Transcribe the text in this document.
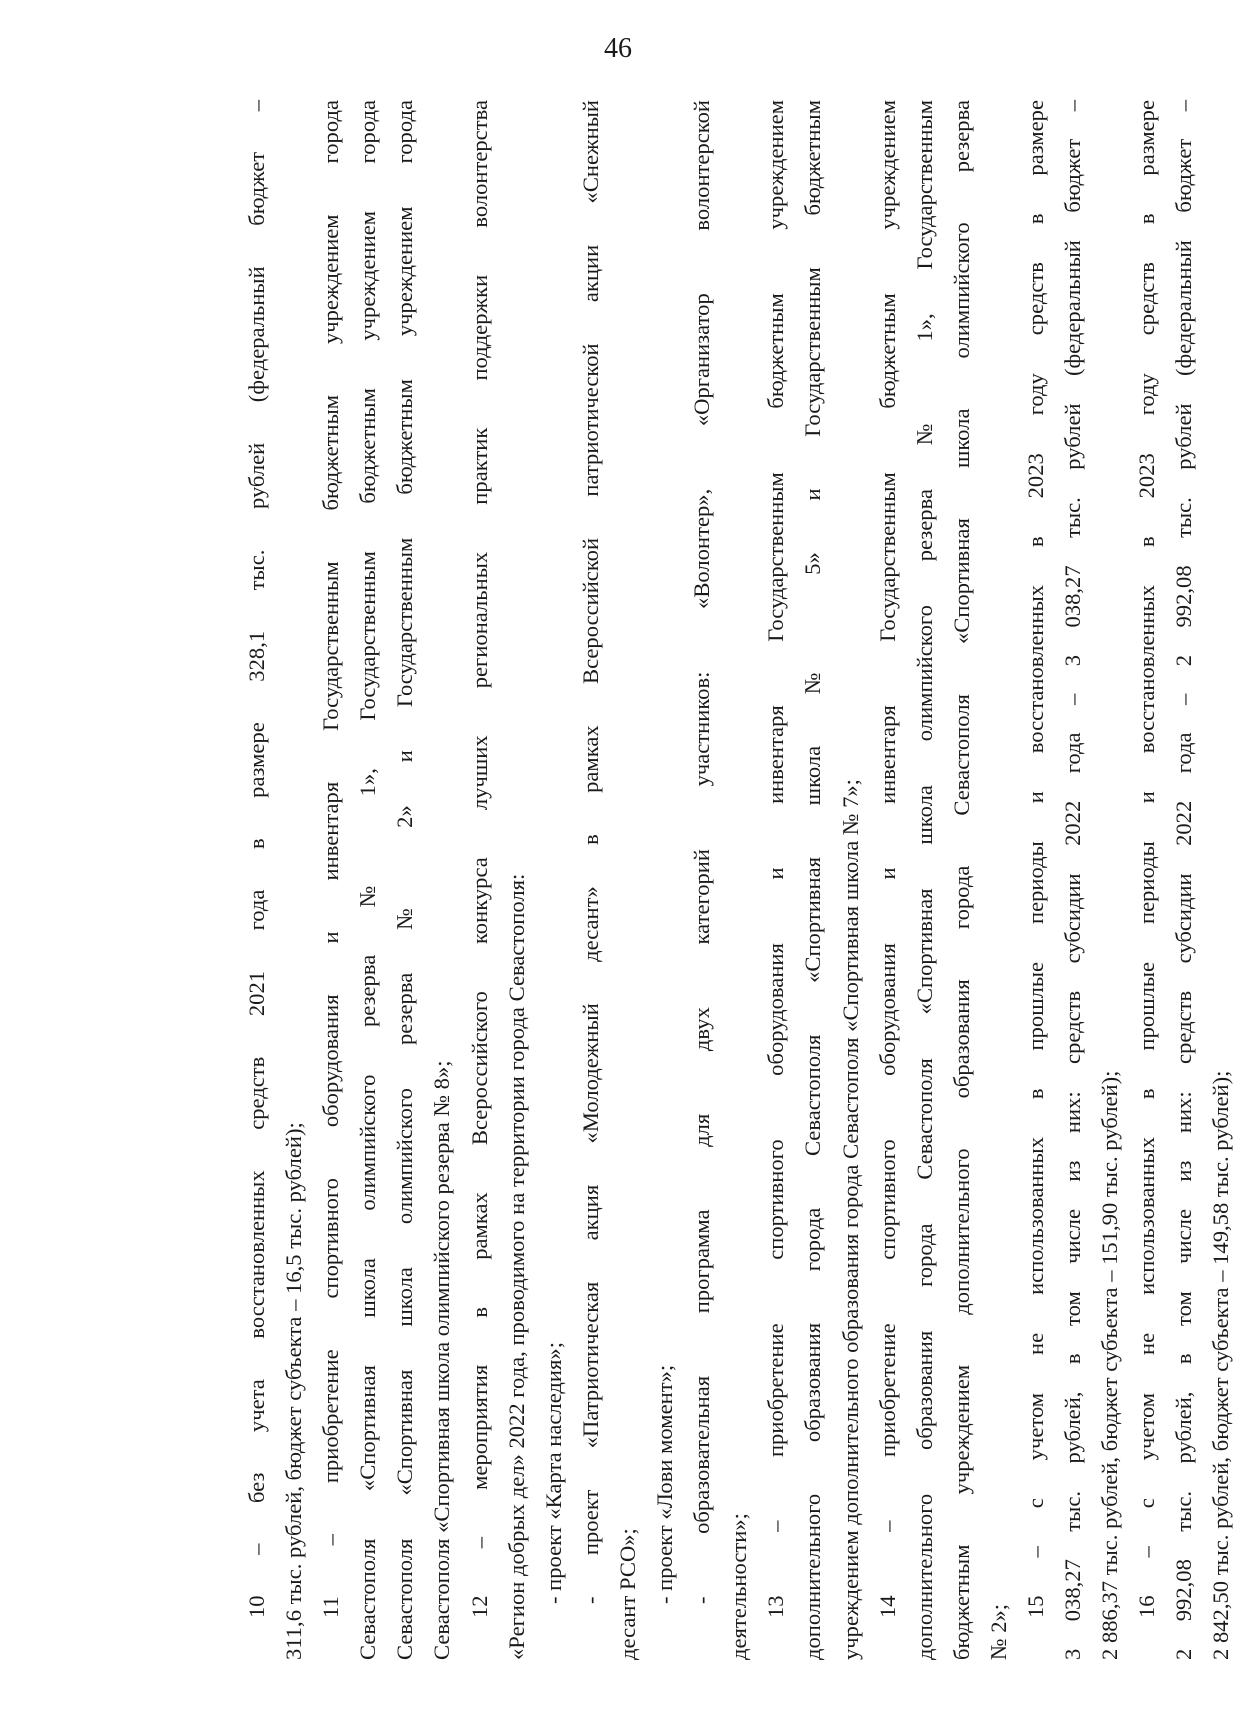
46
10 – без учета восстановленных средств 2021 года в размере 328,1 тыс. рублей (федеральный бюджет – 311,6 тыс. рублей, бюджет субъекта – 16,5 тыс. рублей); 11 – приобретение спортивного оборудования и инвентаря Государственным бюджетным учреждением города Севастополя «Спортивная школа олимпийского резерва № 1», Государственным бюджетным учреждением города Севастополя «Спортивная школа олимпийского резерва № 2» и Государственным бюджетным учреждением города Севастополя «Спортивная школа олимпийского резерва № 8»; 12 – мероприятия в рамках Всероссийского конкурса лучших региональных практик поддержки волонтерства «Регион добрых дел» 2022 года, проводимого на территории города Севастополя: - проект «Карта наследия»; - проект «Патриотическая акция «Молодежный десант» в рамках Всероссийской патриотической акции «Снежный десант РСО»; - проект «Лови момент»; - образовательная программа для двух категорий участников: «Волонтер», «Организатор волонтерской деятельности»; 13 – приобретение спортивного оборудования и инвентаря Государственным бюджетным учреждением дополнительного образования города Севастополя «Спортивная школа № 5» и Государственным бюджетным учреждением дополнительного образования города Севастополя «Спортивная школа № 7»; 14 – приобретение спортивного оборудования и инвентаря Государственным бюджетным учреждением дополнительного образования города Севастополя «Спортивная школа олимпийского резерва № 1», Государственным бюджетным учреждением дополнительного образования города Севастополя «Спортивная школа олимпийского резерва № 2»;
15 – с учетом не использованных в прошлые периоды и восстановленных в 2023 году средств в размере 3 038,27 тыс. рублей, в том числе из них: средств субсидии 2022 года – 3 038,27 тыс. рублей (федеральный бюджет – 2 886,37 тыс. рублей, бюджет субъекта – 151,90 тыс. рублей); 16 – с учетом не использованных в прошлые периоды и восстановленных в 2023 году средств в размере 2 992,08 тыс. рублей, в том числе из них: средств субсидии 2022 года – 2 992,08 тыс. рублей (федеральный бюджет – 2 842,50 тыс. рублей, бюджет субъекта – 149,58 тыс. рублей);
